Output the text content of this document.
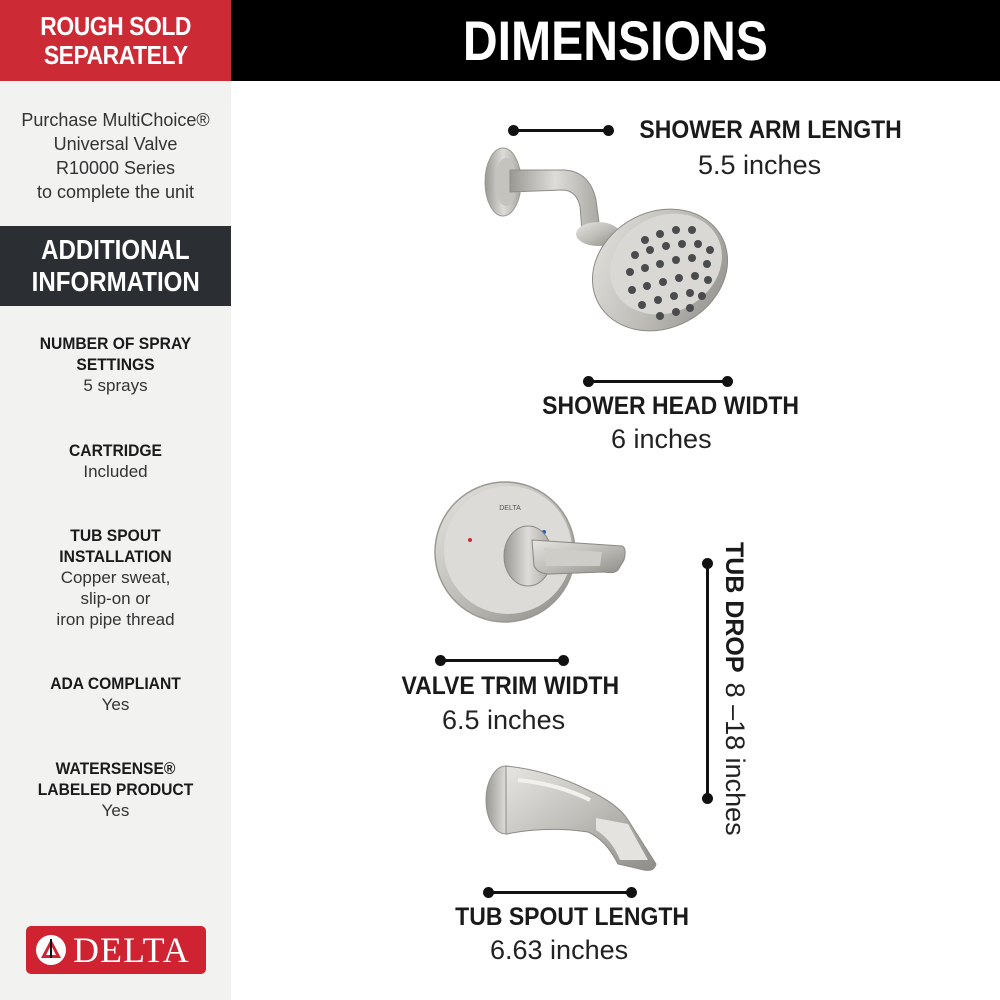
ROUGH SOLD
SEPARATELY
Purchase MultiChoice®
Universal Valve
R10000 Series
to complete the unit
ADDITIONAL
INFORMATION
NUMBER OF SPRAY
SETTINGS
5 sprays
CARTRIDGE
Included
TUB SPOUT
INSTALLATION
Copper sweat,
slip-on or
iron pipe thread
ADA COMPLIANT
Yes
WATERSENSE®
LABELED PRODUCT
Yes
DELTA
DIMENSIONS
SHOWER ARM LENGTH
5.5 inches
SHOWER HEAD WIDTH
6 inches
DELTA
VALVE TRIM WIDTH
6.5 inches
TUB DROP8 –18 inches
TUB SPOUT LENGTH
6.63 inches
